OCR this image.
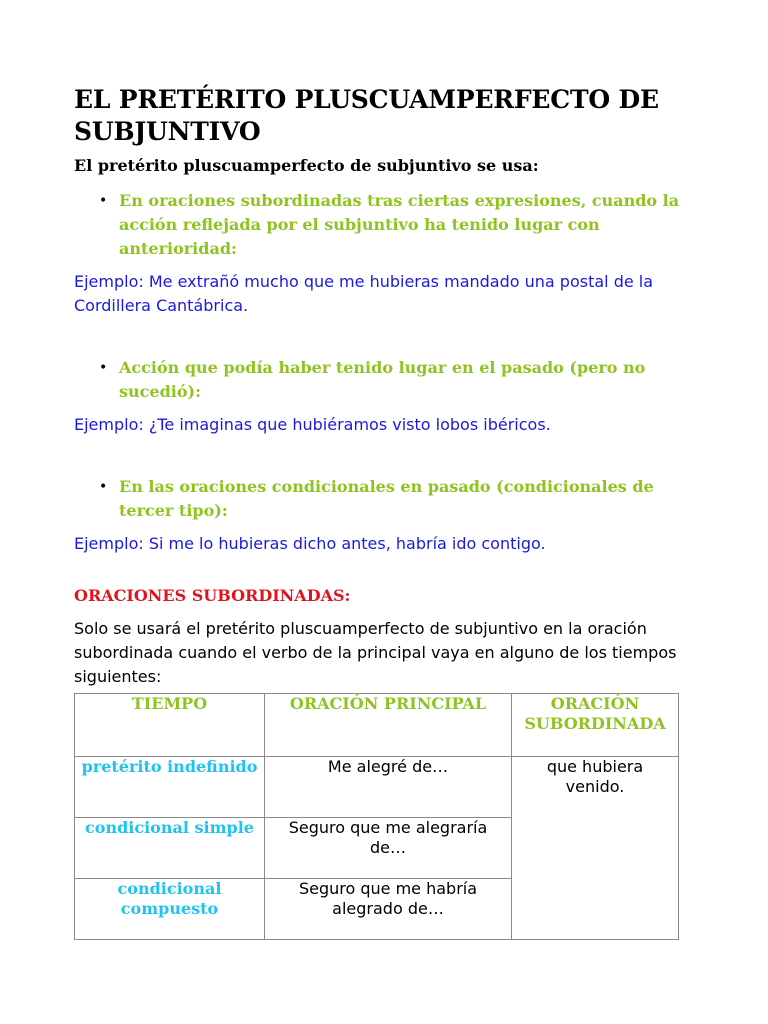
EL PRETÉRITO PLUSCUAMPERFECTO DE SUBJUNTIVO
El pretérito pluscuamperfecto de subjuntivo se usa:
• En oraciones subordinadas tras ciertas expresiones, cuando la acción reflejada por el subjuntivo ha tenido lugar con anterioridad:
Ejemplo: Me extrañó mucho que me hubieras mandado una postal de la Cordillera Cantábrica.
• Acción que podía haber tenido lugar en el pasado (pero no sucedió):
Ejemplo: ¿Te imaginas que hubiéramos visto lobos ibéricos.
• En las oraciones condicionales en pasado (condicionales de tercer tipo):
Ejemplo: Si me lo hubieras dicho antes, habría ido contigo.
ORACIONES SUBORDINADAS:
Solo se usará el pretérito pluscuamperfecto de subjuntivo en la oración subordinada cuando el verbo de la principal vaya en alguno de los tiempos siguientes:
TIEMPO	ORACIÓN PRINCIPAL	ORACIÓN SUBORDINADA
pretérito indefinido	Me alegré de…	que hubiera venido.
condicional simple	Seguro que me alegraría de…	
condicional compuesto	Seguro que me habría alegrado de…	
